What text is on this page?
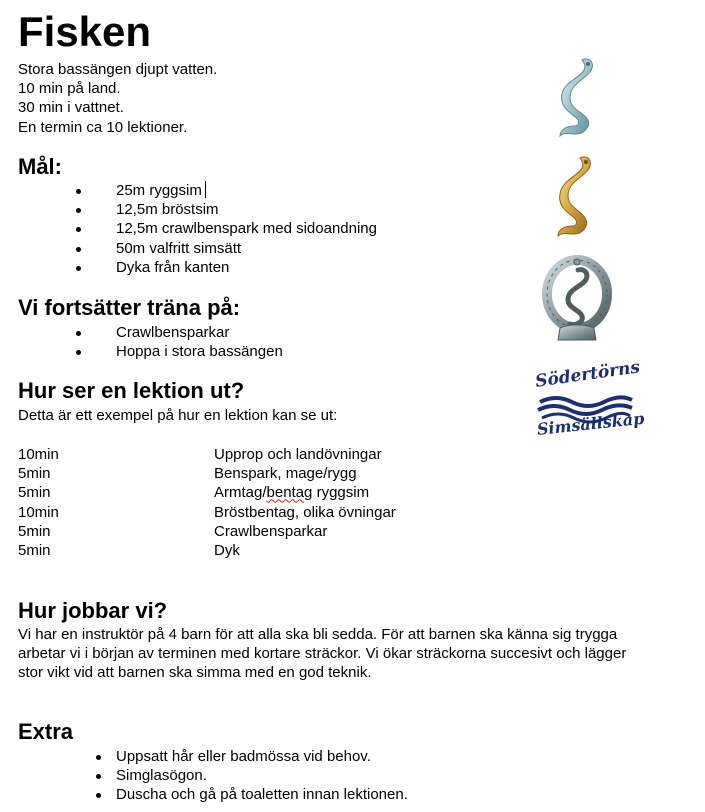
Fisken
Stora bassängen djupt vatten.
10 min på land.
30 min i vattnet.
En termin ca 10 lektioner.
Mål:
25m ryggsim
12,5m bröstsim
12,5m crawlbenspark med sidoandning
50m valfritt simsätt
Dyka från kanten
Vi fortsätter träna på:
Crawlbensparkar
Hoppa i stora bassängen
Hur ser en lektion ut?
Detta är ett exempel på hur en lektion kan se ut:
10min	Upprop och landövningar
5min	Benspark, mage/rygg
5min	Armtag/bentag ryggsim
10min	Bröstbentag, olika övningar
5min	Crawlbensparkar
5min	Dyk
Hur jobbar vi?
Vi har en instruktör på 4 barn för att alla ska bli sedda. För att barnen ska känna sig trygga
arbetar vi i början av terminen med kortare sträckor. Vi ökar sträckorna succesivt och lägger
stor vikt vid att barnen ska simma med en god teknik.
Extra
Uppsatt hår eller badmössa vid behov.
Simglasögon.
Duscha och gå på toaletten innan lektionen.
Södertörns
Simsällskap
